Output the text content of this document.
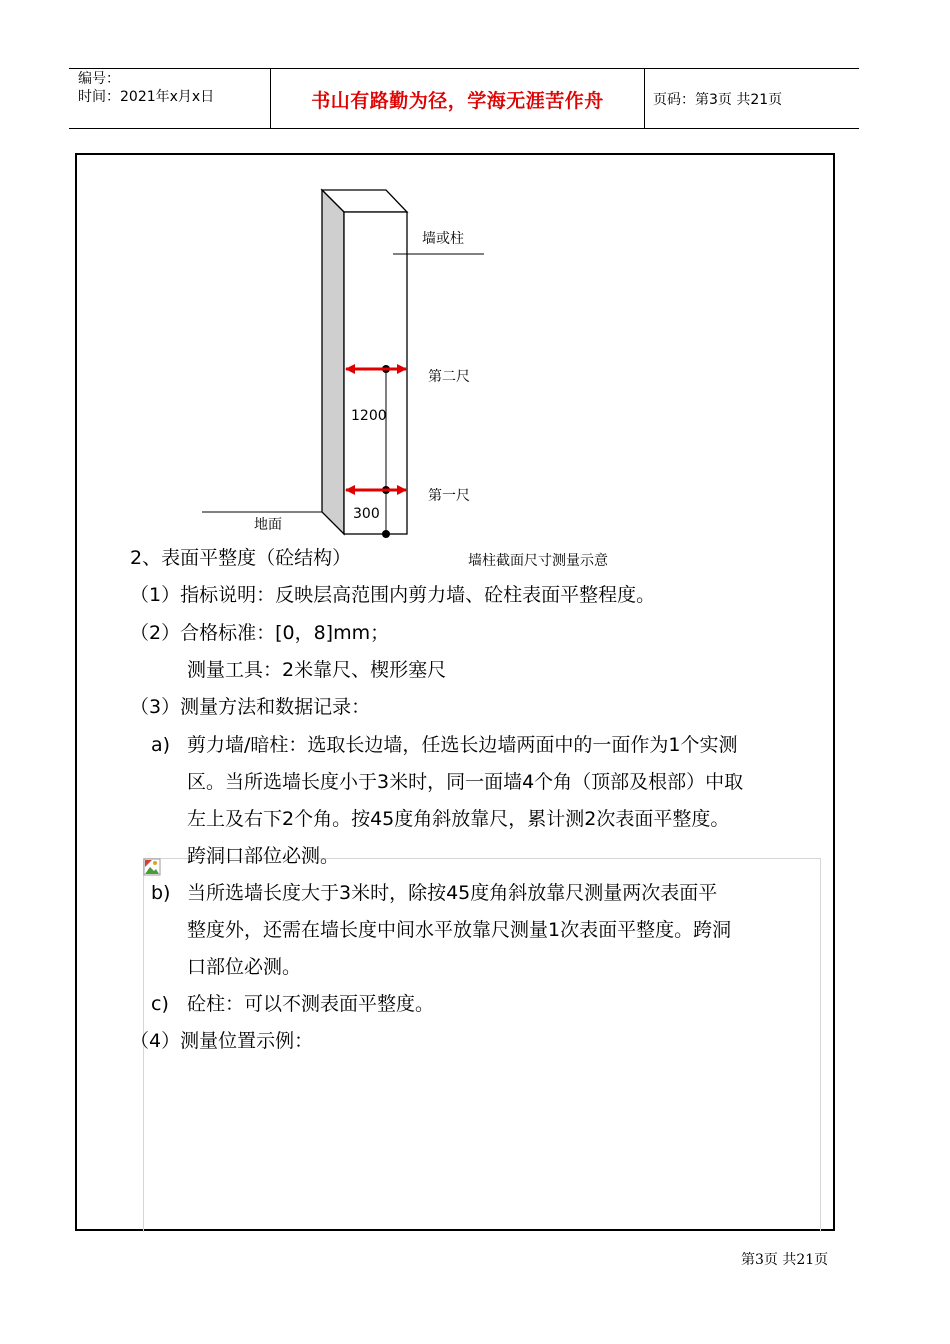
编号：
时间：2021年x月x日	书山有路勤为径，学海无涯苦作舟	页码：第3页 共21页
墙或柱
第二尺
第一尺
地面
1200
300
2、表面平整度（砼结构）	墙柱截面尺寸测量示意
（1）指标说明：反映层高范围内剪力墙、砼柱表面平整程度。
（2）合格标准：[0，8]mm；
测量工具：2米靠尺、楔形塞尺
（3）测量方法和数据记录：
a) 剪力墙/暗柱：选取长边墙，任选长边墙两面中的一面作为1个实测
区。当所选墙长度小于3米时，同一面墙4个角（顶部及根部）中取
左上及右下2个角。按45度角斜放靠尺，累计测2次表面平整度。
跨洞口部位必测。
b) 当所选墙长度大于3米时，除按45度角斜放靠尺测量两次表面平
整度外，还需在墙长度中间水平放靠尺测量1次表面平整度。跨洞
口部位必测。
c) 砼柱：可以不测表面平整度。
（4）测量位置示例：
第3页 共21页
